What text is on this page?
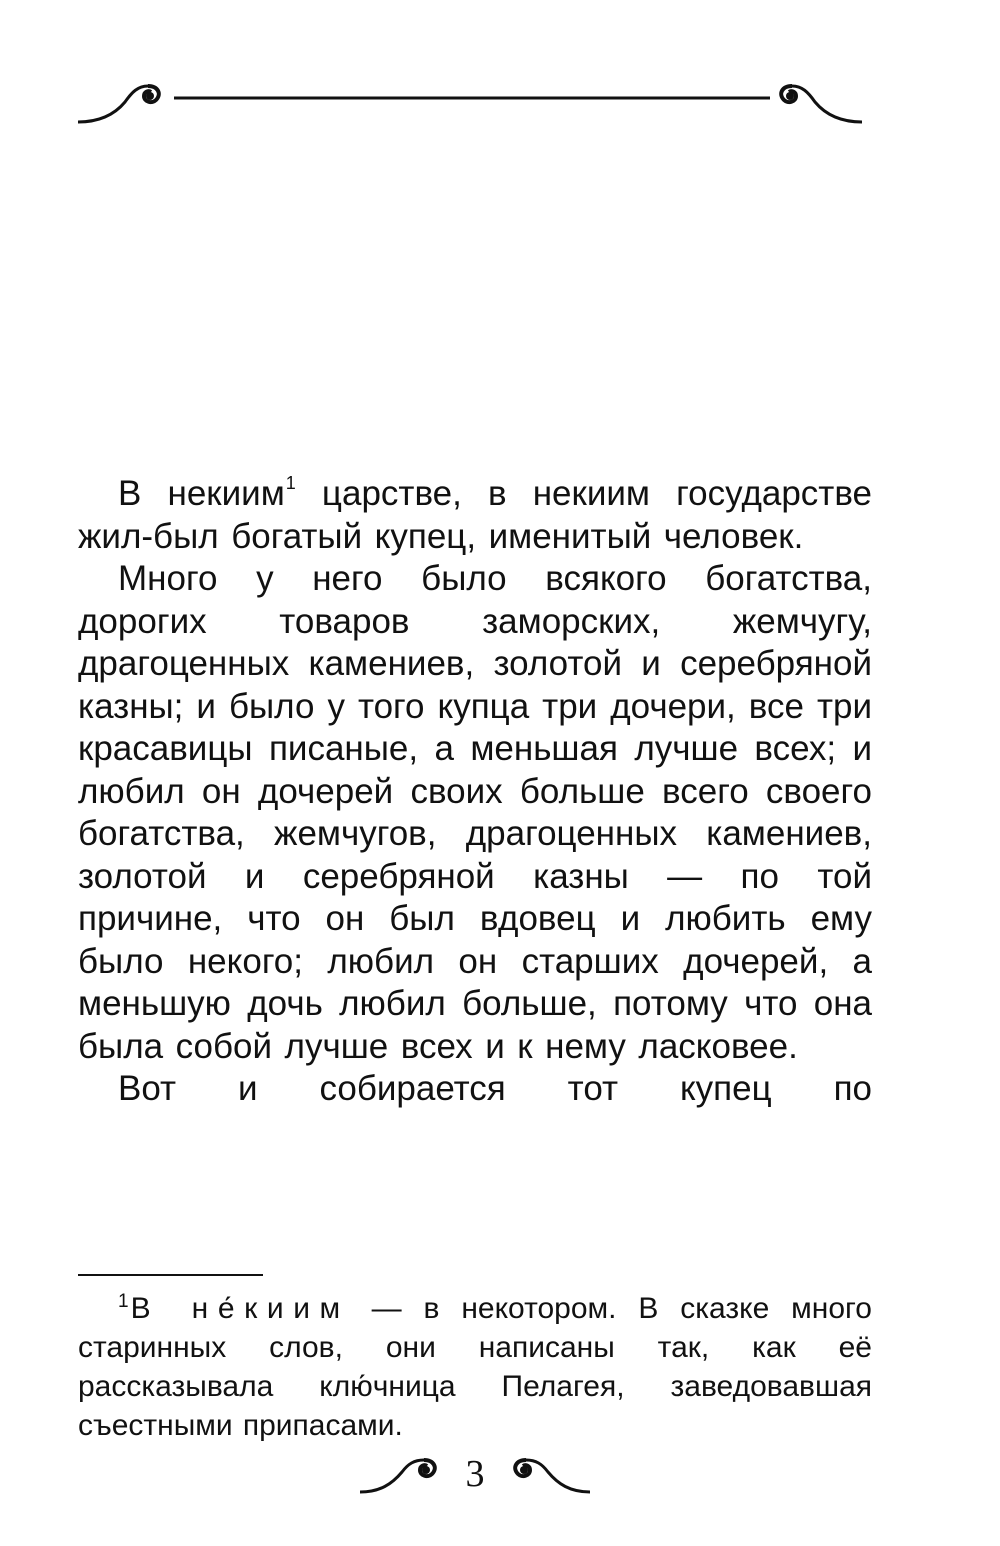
В некиим$^1$ царстве, в некиим государстве жил-был богатый купец, именитый человек.

Много у него было всякого богатства, дорогих товаров заморских, жемчугу, драгоценных камениев, золотой и серебряной казны; и было у того купца три дочери, все три красавицы писаные, а меньшая лучше всех; и любил он дочерей своих больше всего своего богатства, жемчугов, драгоценных камениев, золотой и серебряной казны — по той причине, что он был вдовец и любить ему было некого; любил он старших дочерей, а меньшую дочь любил больше, потому что она была собой лучше всех и к нему ласковее.

Вот и собирается тот купец по

$^1$В не́киим — в некотором. В сказке много старинных слов, они написаны так, как её рассказывала клю́чница Пелагея, заведовавшая съестными припасами.
3
